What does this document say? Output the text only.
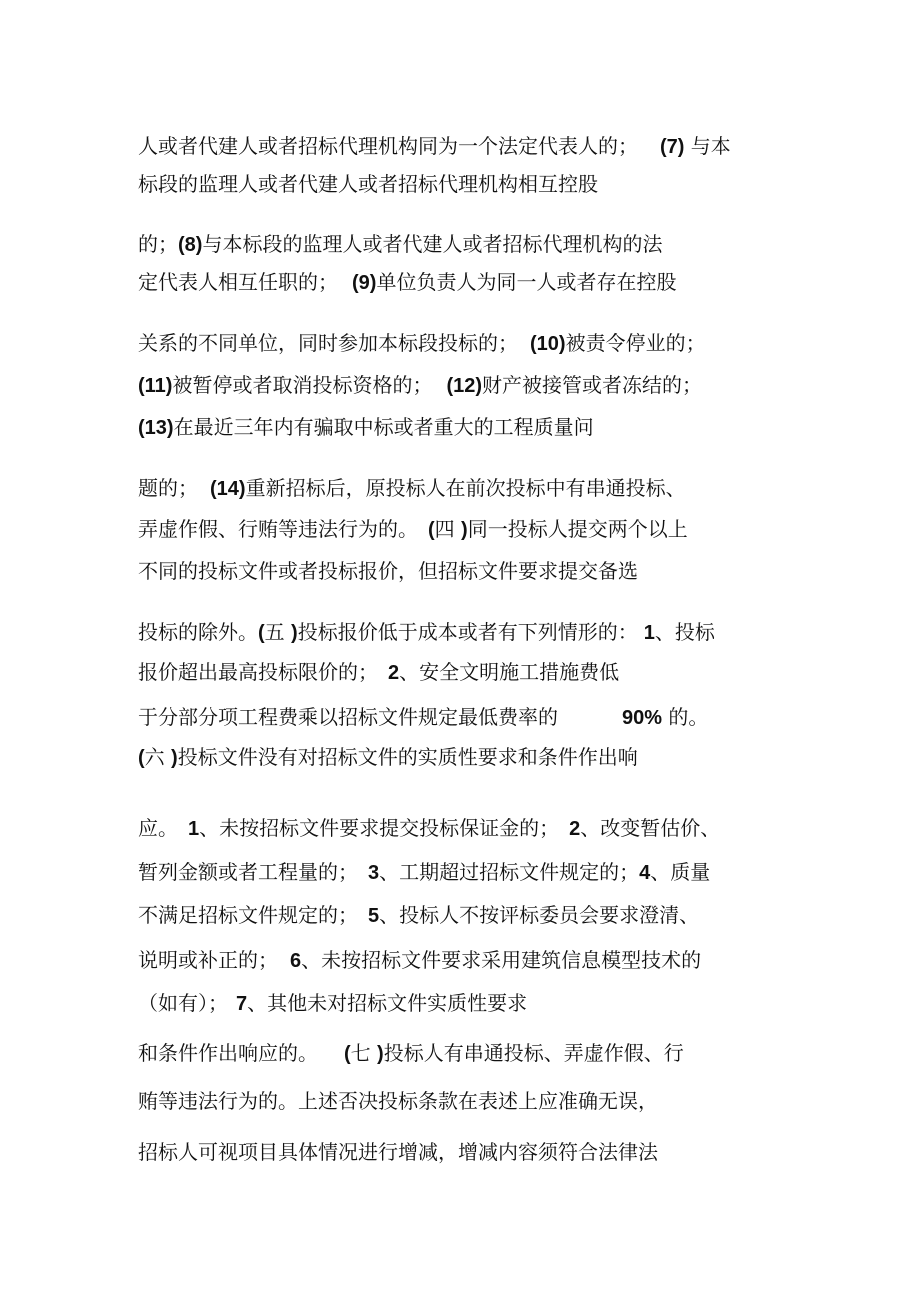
人或者代建人或者招标代理机构同为一个法定代表人的； (7) 与本
标段的监理人或者代建人或者招标代理机构相互控股
的；(8)与本标段的监理人或者代建人或者招标代理机构的法
定代表人相互任职的； (9)单位负责人为同一人或者存在控股
关系的不同单位，同时参加本标段投标的； (10)被责令停业的；
(11)被暂停或者取消投标资格的； (12)财产被接管或者冻结的；
(13)在最近三年内有骗取中标或者重大的工程质量问
题的； (14)重新招标后，原投标人在前次投标中有串通投标、
弄虚作假、行贿等违法行为的。 (四 )同一投标人提交两个以上
不同的投标文件或者投标报价，但招标文件要求提交备选
投标的除外。(五 )投标报价低于成本或者有下列情形的： 1、投标
报价超出最高投标限价的； 2、安全文明施工措施费低
于分部分项工程费乘以招标文件规定最低费率的	90% 的。
(六 )投标文件没有对招标文件的实质性要求和条件作出响
应。 1、未按招标文件要求提交投标保证金的； 2、改变暂估价、
暂列金额或者工程量的； 3、工期超过招标文件规定的；4、质量
不满足招标文件规定的； 5、投标人不按评标委员会要求澄清、
说明或补正的； 6、未按招标文件要求采用建筑信息模型技术的
（如有）； 7、其他未对招标文件实质性要求
和条件作出响应的。 (七 )投标人有串通投标、弄虚作假、行
贿等违法行为的。上述否决投标条款在表述上应准确无误，
招标人可视项目具体情况进行增减，增减内容须符合法律法
